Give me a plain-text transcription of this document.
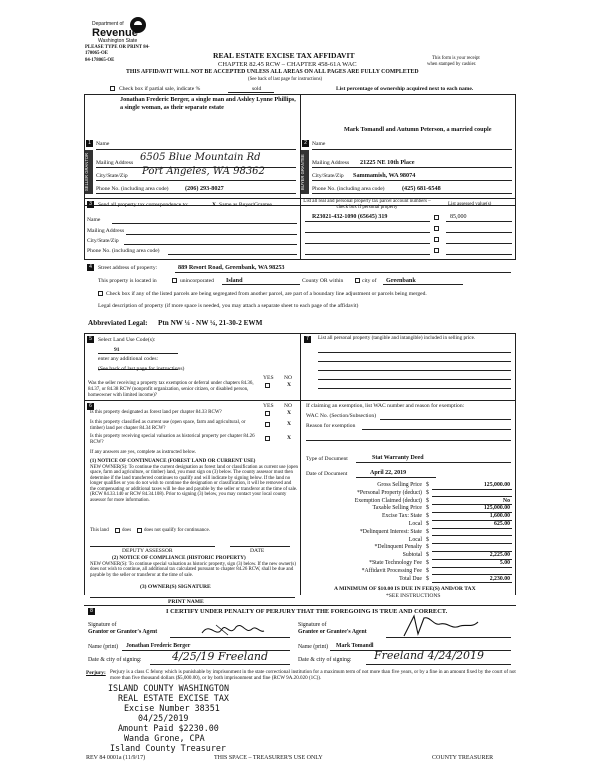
Department of
Revenue
Washington State
PLEASE TYPE OR PRINT 84-
170065-OE
84-178065-OE
REAL ESTATE EXCISE TAX AFFIDAVIT
CHAPTER 82.45 RCW – CHAPTER 458-61A WAC
This form is your receipt
when stamped by cashier.
THIS AFFIDAVIT WILL NOT BE ACCEPTED UNLESS ALL AREAS ON ALL PAGES ARE FULLY COMPLETED
(See back of last page for instructions)
Check box if partial sale, indicate %	sold	List percentage of ownership acquired next to each name.
SELLER GRANTOR
1
Jonathan Frederic Berger, a single man and Ashley Lynne Phillips, a single woman, as their separate estate
Name
Mailing Address 6505 Blue Mountain Rd
City/State/Zip Port Angeles, WA 98362
Phone No. (including area code)	(206) 293-8027	BUYER GRANTEE
2
Mark Tomandl and Autumn Peterson, a married couple
Name
Mailing Address 21225 NE 10th Place
City/State/Zip Sammamish, WA 98074
Phone No. (including area code)	(425) 681-6548
3	Send all property tax correspondence to:	X Same as Buyer/Grantee
Name
Mailing Address
City/State/Zip
Phone No. (including area code)
List all real and personal property tax parcel account numbers – check box if personal property	List assessed value(s)
R23021-432-1090 (65645) 319	85,000
4	Street address of property:	889 Resort Road, Greenbank, WA 98253
This property is located in	unincorporated Island	County OR within	city of Greenbank
Check box if any of the listed parcels are being segregated from another parcel, are part of a boundary line adjustment or parcels being merged.
Legal description of property (if more space is needed, you may attach a separate sheet to each page of the affidavit)
Abbreviated Legal: Ptn NW ¼ - NW ¼, 21-30-2 EWM
5	Select Land Use Code(s):
91
enter any additional codes:
(See back of last page for instructions)
YES NO
Was the seller receiving a property tax exemption or deferral under chapters 84.36, 84.37, or 84.38 RCW (nonprofit organization, senior citizen, or disabled person, homeowner with limited income)?
X
6	YES NO
Is this property designated as forest land per chapter 84.33 RCW?	X
Is this property classified as current use (open space, farm and agricultural, or timber) land per chapter 84.34 RCW?
X
Is this property receiving special valuation as historical property per chapter 84.26 RCW?
X
If any answers are yes, complete as instructed below.
(1) NOTICE OF CONTINUANCE (FOREST LAND OR CURRENT USE)
NEW OWNER(S): To continue the current designation as forest land or classification as current use (open space, farm and agriculture, or timber) land, you must sign on (3) below. The county assessor must then determine if the land transferred continues to qualify and will indicate by signing below. If the land no longer qualifies or you do not wish to continue the designation or classification, it will be removed and the compensating or additional taxes will be due and payable by the seller or transferor at the time of sale. (RCW 84.33.140 or RCW 84.34.108). Prior to signing (3) below, you may contact your local county assessor for more information.
This land	does	does not qualify for continuance.
DEPUTY ASSESSOR	DATE
(2) NOTICE OF COMPLIANCE (HISTORIC PROPERTY)
NEW OWNER(S): To continue special valuation as historic property, sign (3) below. If the new owner(s) does not wish to continue, all additional tax calculated pursuant to chapter 84.26 RCW, shall be due and payable by the seller or transferor at the time of sale.
(3) OWNER(S) SIGNATURE
PRINT NAME
7	List all personal property (tangible and intangible) included in selling price.
If claiming an exemption, list WAC number and reason for exemption:
WAC No. (Section/Subsection)
Reason for exemption
Type of Document	Stat Warranty Deed
Date of Document	April 22, 2019
Gross Selling Price $	125,000.00
*Personal Property (deduct) $
Exemption Claimed (deduct) $	No
Taxable Selling Price $	125,000.00
Excise Tax: State $	1,600.00
Local $	625.00
*Delinquent Interest: State $
Local $
*Delinquent Penalty $
Subtotal $	2,225.00
*State Technology Fee $	5.00
*Affidavit Processing Fee $
Total Due $	2,230.00
A MINIMUM OF $10.00 IS DUE IN FEE(S) AND/OR TAX
*SEE INSTRUCTIONS
8	I CERTIFY UNDER PENALTY OF PERJURY THAT THE FOREGOING IS TRUE AND CORRECT.
Signature of
Grantor or Grantor's Agent
Signature of
Grantee or Grantee's Agent
Name (print) Jonathan Frederic Berger	Name (print) Mark Tomandl
Date & city of signing:	4/25/19 Freeland	Date & city of signing: Freeland 4/24/2019
Perjury: Perjury is a class C felony which is punishable by imprisonment in the state correctional institution for a maximum term of not more than five years, or by a fine in an amount fixed by the court of not more than five thousand dollars ($5,000.00), or by both imprisonment and fine (RCW 9A.20.020 (1C)).
ISLAND COUNTY WASHINGTON
REAL ESTATE EXCISE TAX
Excise Number 38351
04/25/2019
Amount Paid $2230.00
Wanda Grone, CPA
Island County Treasurer
REV 84 0001a (11/9/17)	THIS SPACE – TREASURER'S USE ONLY	COUNTY TREASURER
